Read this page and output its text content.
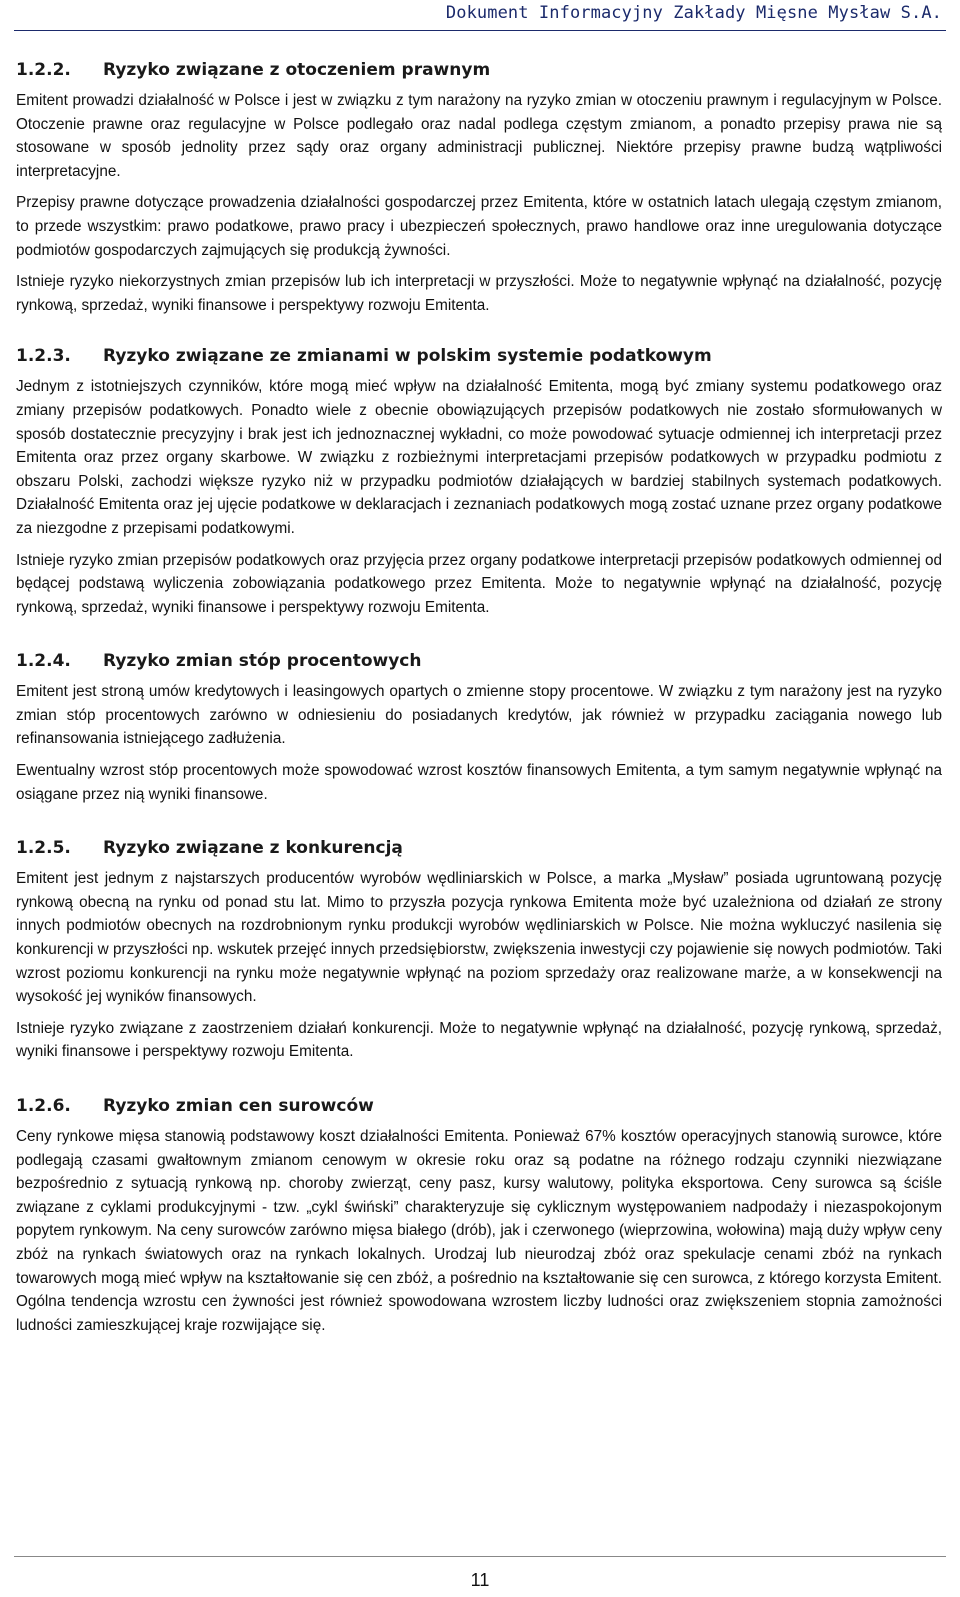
Dokument Informacyjny Zakłady Mięsne Mysław S.A.
1.2.2.	Ryzyko związane z otoczeniem prawnym

Emitent prowadzi działalność w Polsce i jest w związku z tym narażony na ryzyko zmian w otoczeniu prawnym i regulacyjnym w Polsce. Otoczenie prawne oraz regulacyjne w Polsce podlegało oraz nadal podlega częstym zmianom, a ponadto przepisy prawa nie są stosowane w sposób jednolity przez sądy oraz organy administracji publicznej. Niektóre przepisy prawne budzą wątpliwości interpretacyjne.

Przepisy prawne dotyczące prowadzenia działalności gospodarczej przez Emitenta, które w ostatnich latach ulegają częstym zmianom, to przede wszystkim: prawo podatkowe, prawo pracy i ubezpieczeń społecznych, prawo handlowe oraz inne uregulowania dotyczące podmiotów gospodarczych zajmujących się produkcją żywności.

Istnieje ryzyko niekorzystnych zmian przepisów lub ich interpretacji w przyszłości. Może to negatywnie wpłynąć na działalność, pozycję rynkową, sprzedaż, wyniki finansowe i perspektywy rozwoju Emitenta.

1.2.3.	Ryzyko związane ze zmianami w polskim systemie podatkowym

Jednym z istotniejszych czynników, które mogą mieć wpływ na działalność Emitenta, mogą być zmiany systemu podatkowego oraz zmiany przepisów podatkowych. Ponadto wiele z obecnie obowiązujących przepisów podatkowych nie zostało sformułowanych w sposób dostatecznie precyzyjny i brak jest ich jednoznacznej wykładni, co może powodować sytuacje odmiennej ich interpretacji przez Emitenta oraz przez organy skarbowe. W związku z rozbieżnymi interpretacjami przepisów podatkowych w przypadku podmiotu z obszaru Polski, zachodzi większe ryzyko niż w przypadku podmiotów działających w bardziej stabilnych systemach podatkowych. Działalność Emitenta oraz jej ujęcie podatkowe w deklaracjach i zeznaniach podatkowych mogą zostać uznane przez organy podatkowe za niezgodne z przepisami podatkowymi.

Istnieje ryzyko zmian przepisów podatkowych oraz przyjęcia przez organy podatkowe interpretacji przepisów podatkowych odmiennej od będącej podstawą wyliczenia zobowiązania podatkowego przez Emitenta. Może to negatywnie wpłynąć na działalność, pozycję rynkową, sprzedaż, wyniki finansowe i perspektywy rozwoju Emitenta.

1.2.4.	Ryzyko zmian stóp procentowych

Emitent jest stroną umów kredytowych i leasingowych opartych o zmienne stopy procentowe. W związku z tym narażony jest na ryzyko zmian stóp procentowych zarówno w odniesieniu do posiadanych kredytów, jak również w przypadku zaciągania nowego lub refinansowania istniejącego zadłużenia.

Ewentualny wzrost stóp procentowych może spowodować wzrost kosztów finansowych Emitenta, a tym samym negatywnie wpłynąć na osiągane przez nią wyniki finansowe.

1.2.5.	Ryzyko związane z konkurencją

Emitent jest jednym z najstarszych producentów wyrobów wędliniarskich w Polsce, a marka „Mysław” posiada ugruntowaną pozycję rynkową obecną na rynku od ponad stu lat. Mimo to przyszła pozycja rynkowa Emitenta może być uzależniona od działań ze strony innych podmiotów obecnych na rozdrobnionym rynku produkcji wyrobów wędliniarskich w Polsce. Nie można wykluczyć nasilenia się konkurencji w przyszłości np. wskutek przejęć innych przedsiębiorstw, zwiększenia inwestycji czy pojawienie się nowych podmiotów. Taki wzrost poziomu konkurencji na rynku może negatywnie wpłynąć na poziom sprzedaży oraz realizowane marże, a w konsekwencji na wysokość jej wyników finansowych.

Istnieje ryzyko związane z zaostrzeniem działań konkurencji. Może to negatywnie wpłynąć na działalność, pozycję rynkową, sprzedaż, wyniki finansowe i perspektywy rozwoju Emitenta.

1.2.6.	Ryzyko zmian cen surowców

Ceny rynkowe mięsa stanowią podstawowy koszt działalności Emitenta. Ponieważ 67% kosztów operacyjnych stanowią surowce, które podlegają czasami gwałtownym zmianom cenowym w okresie roku oraz są podatne na różnego rodzaju czynniki niezwiązane bezpośrednio z sytuacją rynkową np. choroby zwierząt, ceny pasz, kursy walutowy, polityka eksportowa. Ceny surowca są ściśle związane z cyklami produkcyjnymi - tzw. „cykl świński” charakteryzuje się cyklicznym występowaniem nadpodaży i niezaspokojonym popytem rynkowym. Na ceny surowców zarówno mięsa białego (drób), jak i czerwonego (wieprzowina, wołowina) mają duży wpływ ceny zbóż na rynkach światowych oraz na rynkach lokalnych. Urodzaj lub nieurodzaj zbóż oraz spekulacje cenami zbóż na rynkach towarowych mogą mieć wpływ na kształtowanie się cen zbóż, a pośrednio na kształtowanie się cen surowca, z którego korzysta Emitent. Ogólna tendencja wzrostu cen żywności jest również spowodowana wzrostem liczby ludności oraz zwiększeniem stopnia zamożności ludności zamieszkującej kraje rozwijające się.

11
